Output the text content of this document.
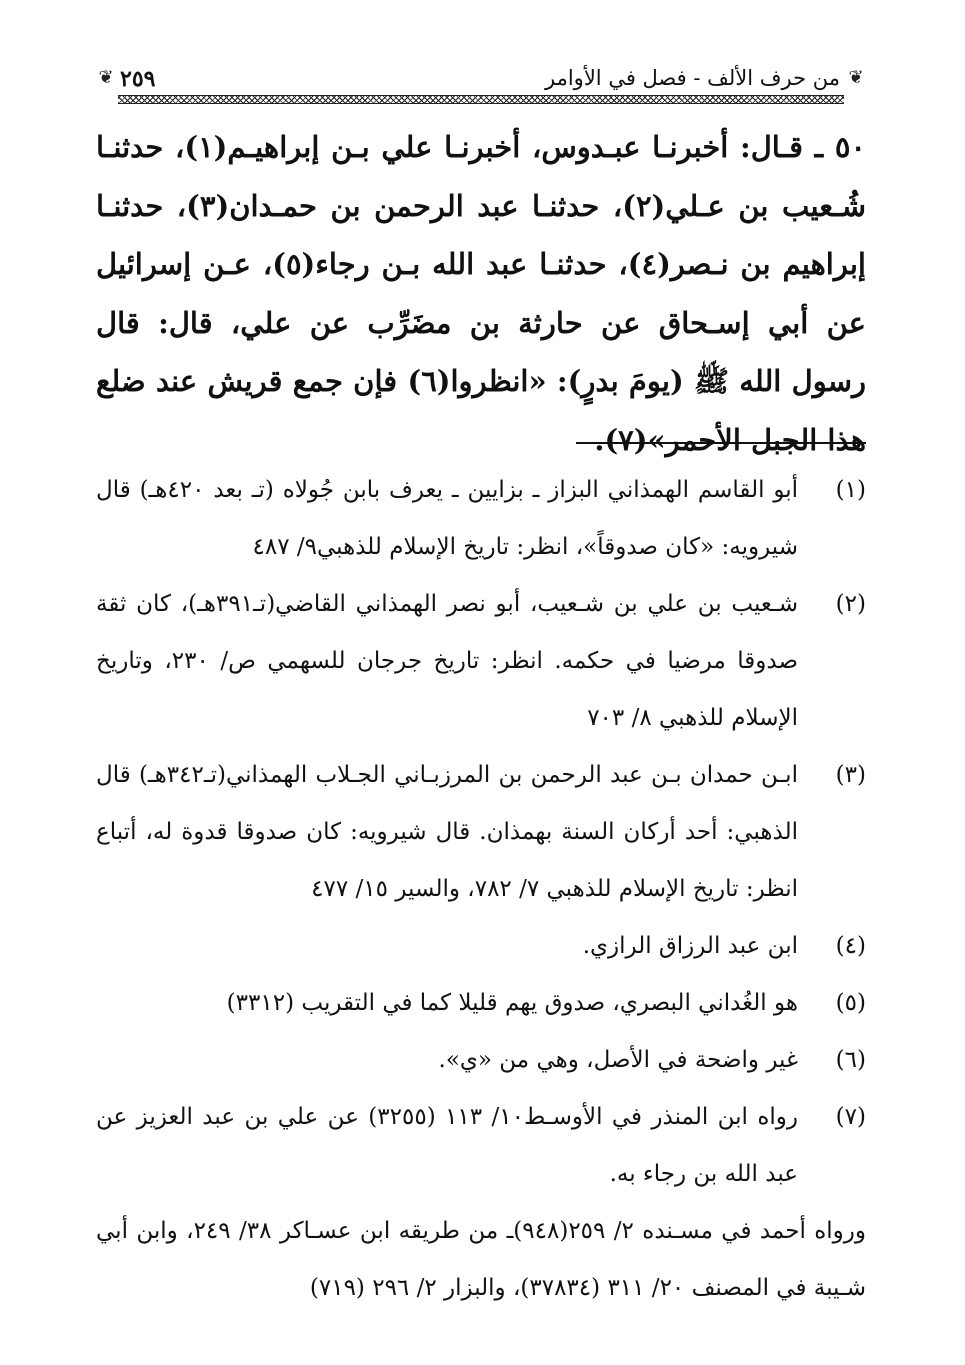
❦
من حرف الألف - فصل في الأوامر
٢٥٩
❦

٥٠ ـ قـال: أخبرنـا عبـدوس، أخبرنـا علي بـن إبراهيـم(١)، حدثنـا شُـعيب بن عـلي(٢)، حدثنـا عبد الرحمن بن حمـدان(٣)، حدثنـا إبراهيم بن نـصر(٤)، حدثنـا عبد الله بـن رجاء(٥)، عـن إسرائيل عن أبي إسـحاق عن حارثة بن مضَرِّب عن علي، قال: قال رسول الله ﷺ (يومَ بدرٍ): «انظروا(٦) فإن جمع قريش عند ضلع هذا الجبل الأحمر»(٧).

(١)
أبو القاسم الهمذاني البزاز ـ بزايين ـ يعرف بابن جُولاه (تـ بعد ٤٢٠هـ) قال شيرويه: «كان صدوقاً»، انظر: تاريخ الإسلام للذهبي٩/ ٤٨٧
(٢)
شـعيب بن علي بن شـعيب، أبو نصر الهمذاني القاضي(تـ٣٩١هـ)، كان ثقة صدوقا مرضيا في حكمه. انظر: تاريخ جرجان للسهمي ص/ ٢٣٠، وتاريخ الإسلام للذهبي ٨/ ٧٠٣
(٣)
ابـن حمدان بـن عبد الرحمن بن المرزبـاني الجـلاب الهمذاني(تـ٣٤٢هـ) قال الذهبي: أحد أركان السنة بهمذان. قال شيرويه: كان صدوقا قدوة له، أتباع انظر: تاريخ الإسلام للذهبي ٧/ ٧٨٢، والسير ١٥/ ٤٧٧
(٤)
ابن عبد الرزاق الرازي.
(٥)
هو الغُداني البصري، صدوق يهم قليلا كما في التقريب (٣٣١٢)
(٦)
غير واضحة في الأصل، وهي من «ي».
(٧)
رواه ابن المنذر في الأوسـط١٠/ ١١٣ (٣٢٥٥) عن علي بن عبد العزيز عن عبد الله بن رجاء به.
ورواه أحمد في مسـنده ٢/ ٢٥٩(٩٤٨)ـ من طريقه ابن عسـاكر ٣٨/ ٢٤٩، وابن أبي شـيبة في المصنف ٢٠/ ٣١١ (٣٧٨٣٤)، والبزار ٢/ ٢٩٦ (٧١٩)
